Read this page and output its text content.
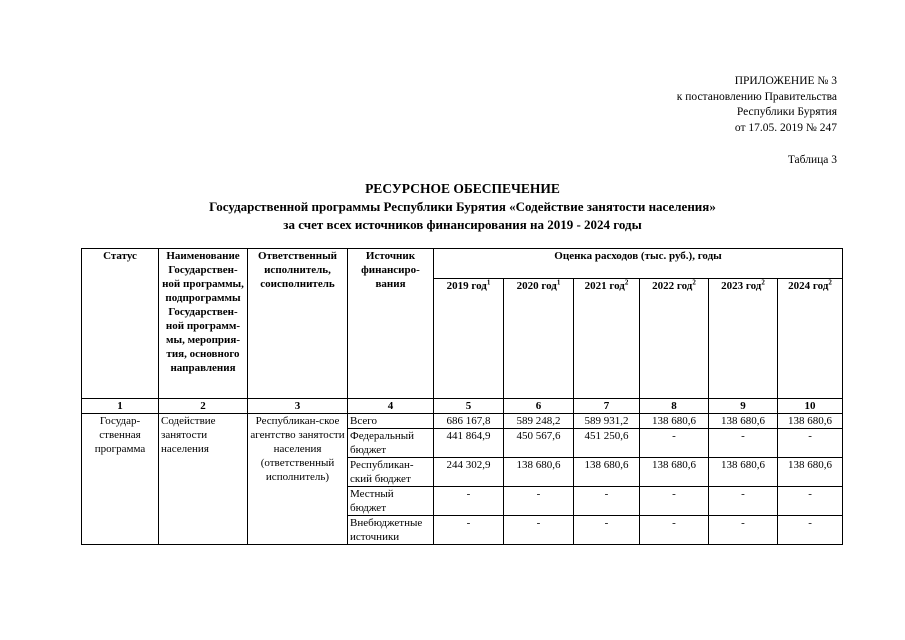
ПРИЛОЖЕНИЕ № 3
к постановлению Правительства
Республики Бурятия
от 17.05. 2019 № 247
Таблица 3
РЕСУРСНОЕ ОБЕСПЕЧЕНИЕ
Государственной программы Республики Бурятия «Содействие занятости населения»
за счет всех источников финансирования на 2019 - 2024 годы
Статус	Наименование Государствен-ной программы, подпрограммы Государствен-ной программ-мы, мероприя-тия, основного направления	Ответственный исполнитель, соисполнитель	Источник финансиро-вания	Оценка расходов (тыс. руб.), годы					
				2019 год$^1$	2020 год$^1$	2021 год$^2$	2022 год$^2$	2023 год$^2$	2024 год$^2$
1	2	3	4	5	6	7	8	9	10
Государ-ственная программа	Содействие занятости населения	Республикан-ское агентство занятости населения (ответственный исполнитель)	Всего	686 167,8	589 248,2	589 931,2	138 680,6	138 680,6	138 680,6
			Федеральный бюджет	441 864,9	450 567,6	451 250,6	-	-	-
			Республикан-ский бюджет	244 302,9	138 680,6	138 680,6	138 680,6	138 680,6	138 680,6
			Местный бюджет	-	-	-	-	-	-
			Внебюджетные источники	-	-	-	-	-	-
